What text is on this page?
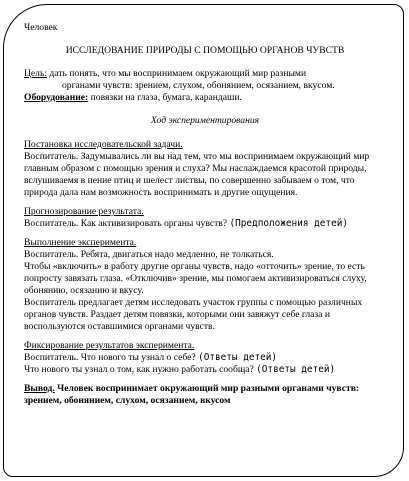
Человек

ИССЛЕДОВАНИЕ ПРИРОДЫ С ПОМОЩЬЮ ОРГАНОВ ЧУВСТВ

Цель: дать понять, что мы воспринимаем окружающий мир разными

органами чувств: зрением, слухом, обонянием, осязанием, вкусом.

Оборудование: повязки на глаза, бумага, карандаши.

Ход экспериментирования

Постановка исследовательской задачи.

Воспитатель. Задумывались ли вы над тем, что мы воспринимаем окружающий мир главным образом с помощью зрения и слуха? Мы наслаждаемся красотой природы, вслушиваемя в пение птиц и шелест листвы, по совершенно забываем о том, что природа дала нам возможность воспринимать и другие ощущения.

Прогнозирование результата.

Воспитатель. Как активизировать органы чувств? (Предположения детей)

Выполнение эксперимента.

Воспитатель. Ребята, двигаться надо медленно, не толкаться.

Чтобы «включить» в работу другие органы чувств, надо «отточить» зрение, то есть попросту завязать глаза. «Отключив» зрение, мы помогаем активизироваться слуху, обонянию, осязанию и вкусу.

Воспитатель предлагает детям исследовать участок группы с помощью различных органов чувств. Раздает детям повязки, которыми они завяжут себе глаза и воспользуются оставшимися органами чувств.

Фиксирование результатов эксперимента.

Воспитатель. Что нового ты узнал о себе? (Ответы детей)

Что нового ты узнал о том, как нужно работать сообща? (Ответы детей)

Вывод. Человек воспринимает окружающий мир разными органами чувств: зрением, обонянием, слухом, осязанием, вкусом
